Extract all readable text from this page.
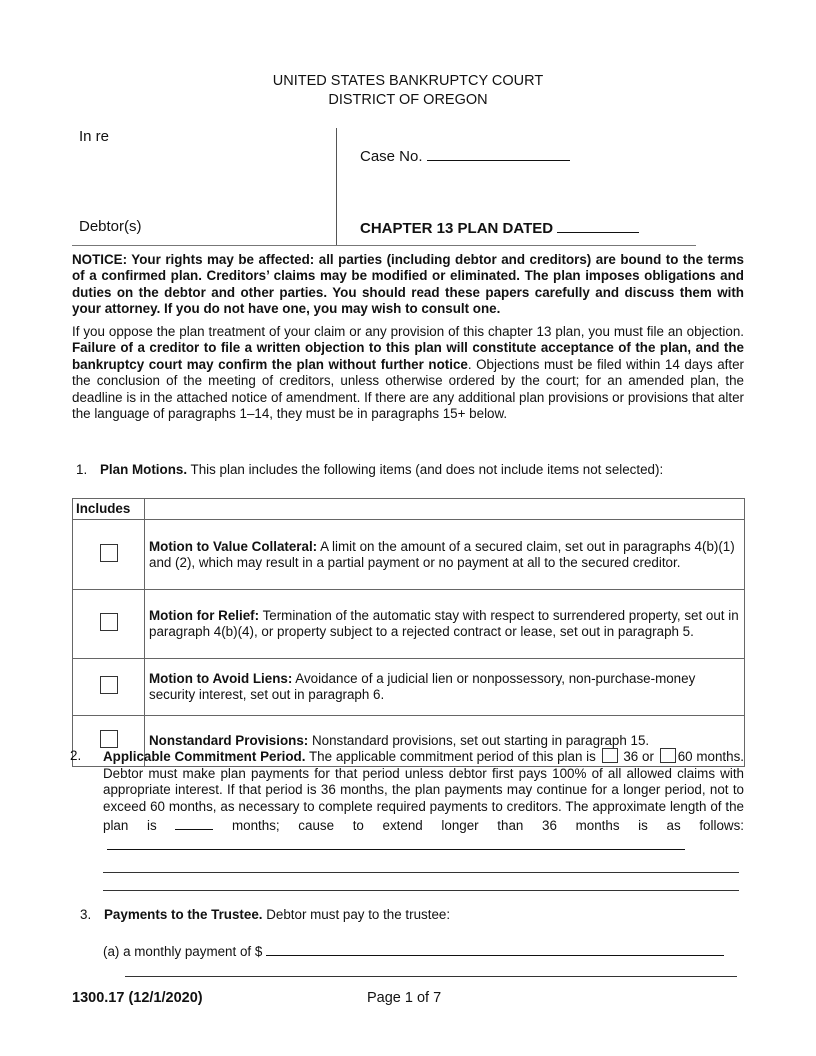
UNITED STATES BANKRUPTCY COURT
DISTRICT OF OREGON
In re
Debtor(s)
Case No.
CHAPTER 13 PLAN DATED
NOTICE: Your rights may be affected: all parties (including debtor and creditors) are bound to the terms of a confirmed plan. Creditors’ claims may be modified or eliminated. The plan imposes obligations and duties on the debtor and other parties. You should read these papers carefully and discuss them with your attorney. If you do not have one, you may wish to consult one.
If you oppose the plan treatment of your claim or any provision of this chapter 13 plan, you must file an objection. Failure of a creditor to file a written objection to this plan will constitute acceptance of the plan, and the bankruptcy court may confirm the plan without further notice. Objections must be filed within 14 days after the conclusion of the meeting of creditors, unless otherwise ordered by the court; for an amended plan, the deadline is in the attached notice of amendment. If there are any additional plan provisions or provisions that alter the language of paragraphs 1–14, they must be in paragraphs 15+ below.
1. Plan Motions. This plan includes the following items (and does not include items not selected):
Includes	
	Motion to Value Collateral: A limit on the amount of a secured claim, set out in paragraphs 4(b)(1) and (2), which may result in a partial payment or no payment at all to the secured creditor.
	Motion for Relief: Termination of the automatic stay with respect to surrendered property, set out in paragraph 4(b)(4), or property subject to a rejected contract or lease, set out in paragraph 5.
	Motion to Avoid Liens: Avoidance of a judicial lien or nonpossessory, non-purchase-money security interest, set out in paragraph 6.
	Nonstandard Provisions: Nonstandard provisions, set out starting in paragraph 15.
2.	Applicable Commitment Period. The applicable commitment period of this plan is  36 or 60 months. Debtor must make plan payments for that period unless debtor first pays 100% of all allowed claims with appropriate interest. If that period is 36 months, the plan payments may continue for a longer period, not to exceed 60 months, as necessary to complete required payments to creditors. The approximate length of the plan is	months; cause to extend longer than 36 months is as follows:
3. Payments to the Trustee. Debtor must pay to the trustee:
(a) a monthly payment of $
1300.17 (12/1/2020)	Page 1 of 7
